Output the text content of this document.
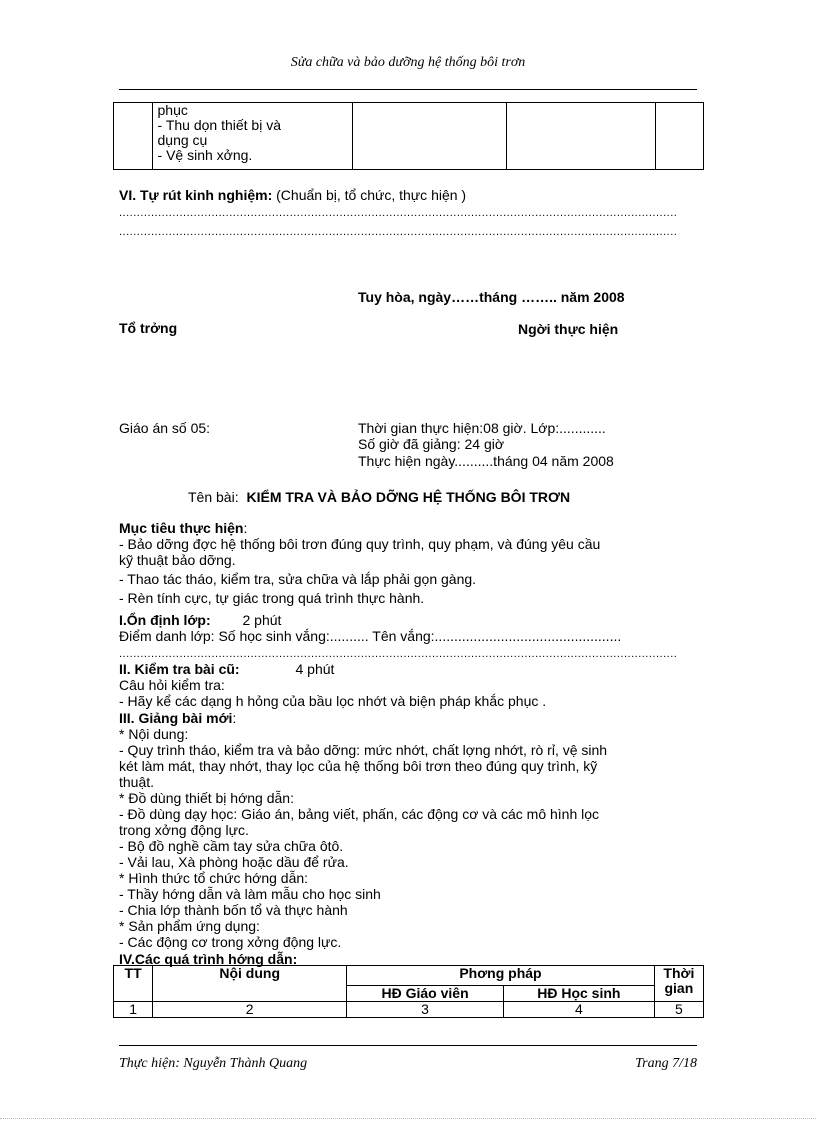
Sửa chữa và bảo dưỡng hệ thống bôi trơn

phục
- Thu dọn thiết bị và
dụng cụ
- Vệ sinh xởng.

VI. Tự rút kinh nghiệm: (Chuẩn bị, tổ chức, thực hiện )
.....
.....
Tuy hòa, ngày……tháng …….. năm 2008
Tổ trởng	Ngời thực hiện
Giáo án số 05:	Thời gian thực hiện:08 giờ. Lớp:............
Số giờ đã giảng: 24 giờ
Thực hiện ngày..........tháng 04 năm 2008
Tên bài: KIỂM TRA VÀ BẢO DỠNG HỆ THỐNG BÔI TRƠN
Mục tiêu thực hiện:
- Bảo dỡng đợc hệ thống bôi trơn đúng quy trình, quy phạm, và đúng yêu cầu
kỹ thuật bảo dỡng.
- Thao tác tháo, kiểm tra, sửa chữa và lắp phải gọn gàng.
- Rèn tính cực, tự giác trong quá trình thực hành.
I.Ổn định lớp: 2 phút
Điểm danh lớp: Số học sinh vắng:.......... Tên vắng:................................................
.....
II. Kiểm tra bài cũ:	4 phút
Câu hỏi kiểm tra:
- Hãy kể các dạng h hỏng của bầu lọc nhớt và biện pháp khắc phục .
III. Giảng bài mới:
* Nội dung:
- Quy trình tháo, kiểm tra và bảo dỡng: mức nhớt, chất lợng nhớt, rò rỉ, vệ sinh
két làm mát, thay nhớt, thay lọc của hệ thống bôi trơn theo đúng quy trình, kỹ
thuật.
* Đồ dùng thiết bị hớng dẫn:
- Đồ dùng dạy học: Giáo án, bảng viết, phấn, các động cơ và các mô hình lọc
trong xởng động lực.
- Bộ đồ nghề cầm tay sửa chữa ôtô.
- Vải lau, Xà phòng hoặc dầu để rửa.
* Hình thức tổ chức hớng dẫn:
- Thầy hớng dẫn và làm mẫu cho học sinh
- Chia lớp thành bốn tổ và thực hành
* Sản phẩm ứng dụng:
- Các động cơ trong xởng động lực.
IV.Các quá trình hớng dẫn:
TT	Nội dung	Phơng pháp		Thời gian
		HĐ Giáo viên	HĐ Học sinh	
1	2	3	4	5
Thực hiện: Nguyễn Thành Quang	Trang 7/18
